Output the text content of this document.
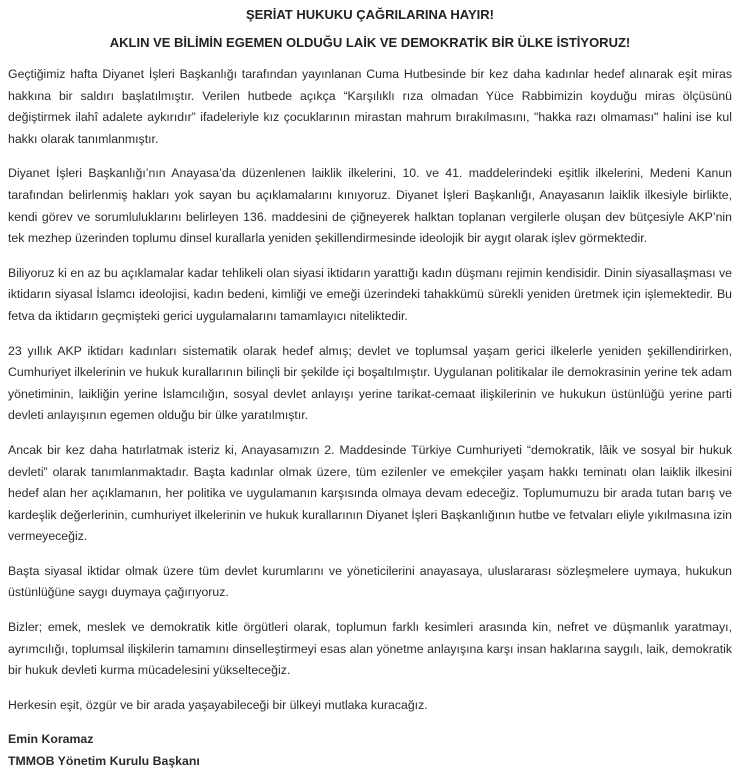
ŞERİAT HUKUKU ÇAĞRILARINA HAYIR!
AKLIN VE BİLİMİN EGEMEN OLDUĞU LAİK VE DEMOKRATİK BİR ÜLKE İSTİYORUZ!

Geçtiğimiz hafta Diyanet İşleri Başkanlığı tarafından yayınlanan Cuma Hutbesinde bir kez daha kadınlar hedef alınarak eşit miras hakkına bir saldırı başlatılmıştır. Verilen hutbede açıkça “Karşılıklı rıza olmadan Yüce Rabbimizin koyduğu miras ölçüsünü değiştirmek ilahî adalete aykırıdır” ifadeleriyle kız çocuklarının mirastan mahrum bırakılmasını, "hakka razı olmaması" halini ise kul hakkı olarak tanımlanmıştır.

Diyanet İşleri Başkanlığı’nın Anayasa’da düzenlenen laiklik ilkelerini, 10. ve 41. maddelerindeki eşitlik ilkelerini, Medeni Kanun tarafından belirlenmiş hakları yok sayan bu açıklamalarını kınıyoruz. Diyanet İşleri Başkanlığı, Anayasanın laiklik ilkesiyle birlikte, kendi görev ve sorumluluklarını belirleyen 136. maddesini de çiğneyerek halktan toplanan vergilerle oluşan dev bütçesiyle AKP’nin tek mezhep üzerinden toplumu dinsel kurallarla yeniden şekillendirmesinde ideolojik bir aygıt olarak işlev görmektedir.

Biliyoruz ki en az bu açıklamalar kadar tehlikeli olan siyasi iktidarın yarattığı kadın düşmanı rejimin kendisidir. Dinin siyasallaşması ve iktidarın siyasal İslamcı ideolojisi, kadın bedeni, kimliği ve emeği üzerindeki tahakkümü sürekli yeniden üretmek için işlemektedir. Bu fetva da iktidarın geçmişteki gerici uygulamalarını tamamlayıcı niteliktedir.

23 yıllık AKP iktidarı kadınları sistematik olarak hedef almış; devlet ve toplumsal yaşam gerici ilkelerle yeniden şekillendirirken, Cumhuriyet ilkelerinin ve hukuk kurallarının bilinçli bir şekilde içi boşaltılmıştır. Uygulanan politikalar ile demokrasinin yerine tek adam yönetiminin, laikliğin yerine İslamcılığın, sosyal devlet anlayışı yerine tarikat-cemaat ilişkilerinin ve hukukun üstünlüğü yerine parti devleti anlayışının egemen olduğu bir ülke yaratılmıştır.

Ancak bir kez daha hatırlatmak isteriz ki, Anayasamızın 2. Maddesinde Türkiye Cumhuriyeti “demokratik, lâik ve sosyal bir hukuk devleti” olarak tanımlanmaktadır. Başta kadınlar olmak üzere, tüm ezilenler ve emekçiler yaşam hakkı teminatı olan laiklik ilkesini hedef alan her açıklamanın, her politika ve uygulamanın karşısında olmaya devam edeceğiz. Toplumumuzu bir arada tutan barış ve kardeşlik değerlerinin, cumhuriyet ilkelerinin ve hukuk kurallarının Diyanet İşleri Başkanlığının hutbe ve fetvaları eliyle yıkılmasına izin vermeyeceğiz.

Başta siyasal iktidar olmak üzere tüm devlet kurumlarını ve yöneticilerini anayasaya, uluslararası sözleşmelere uymaya, hukukun üstünlüğüne saygı duymaya çağırıyoruz.

Bizler; emek, meslek ve demokratik kitle örgütleri olarak, toplumun farklı kesimleri arasında kin, nefret ve düşmanlık yaratmayı, ayrımcılığı, toplumsal ilişkilerin tamamını dinselleştirmeyi esas alan yönetme anlayışına karşı insan haklarına saygılı, laik, demokratik bir hukuk devleti kurma mücadelesini yükselteceğiz.

Herkesin eşit, özgür ve bir arada yaşayabileceği bir ülkeyi mutlaka kuracağız.

Emin Koramaz
TMMOB Yönetim Kurulu Başkanı
